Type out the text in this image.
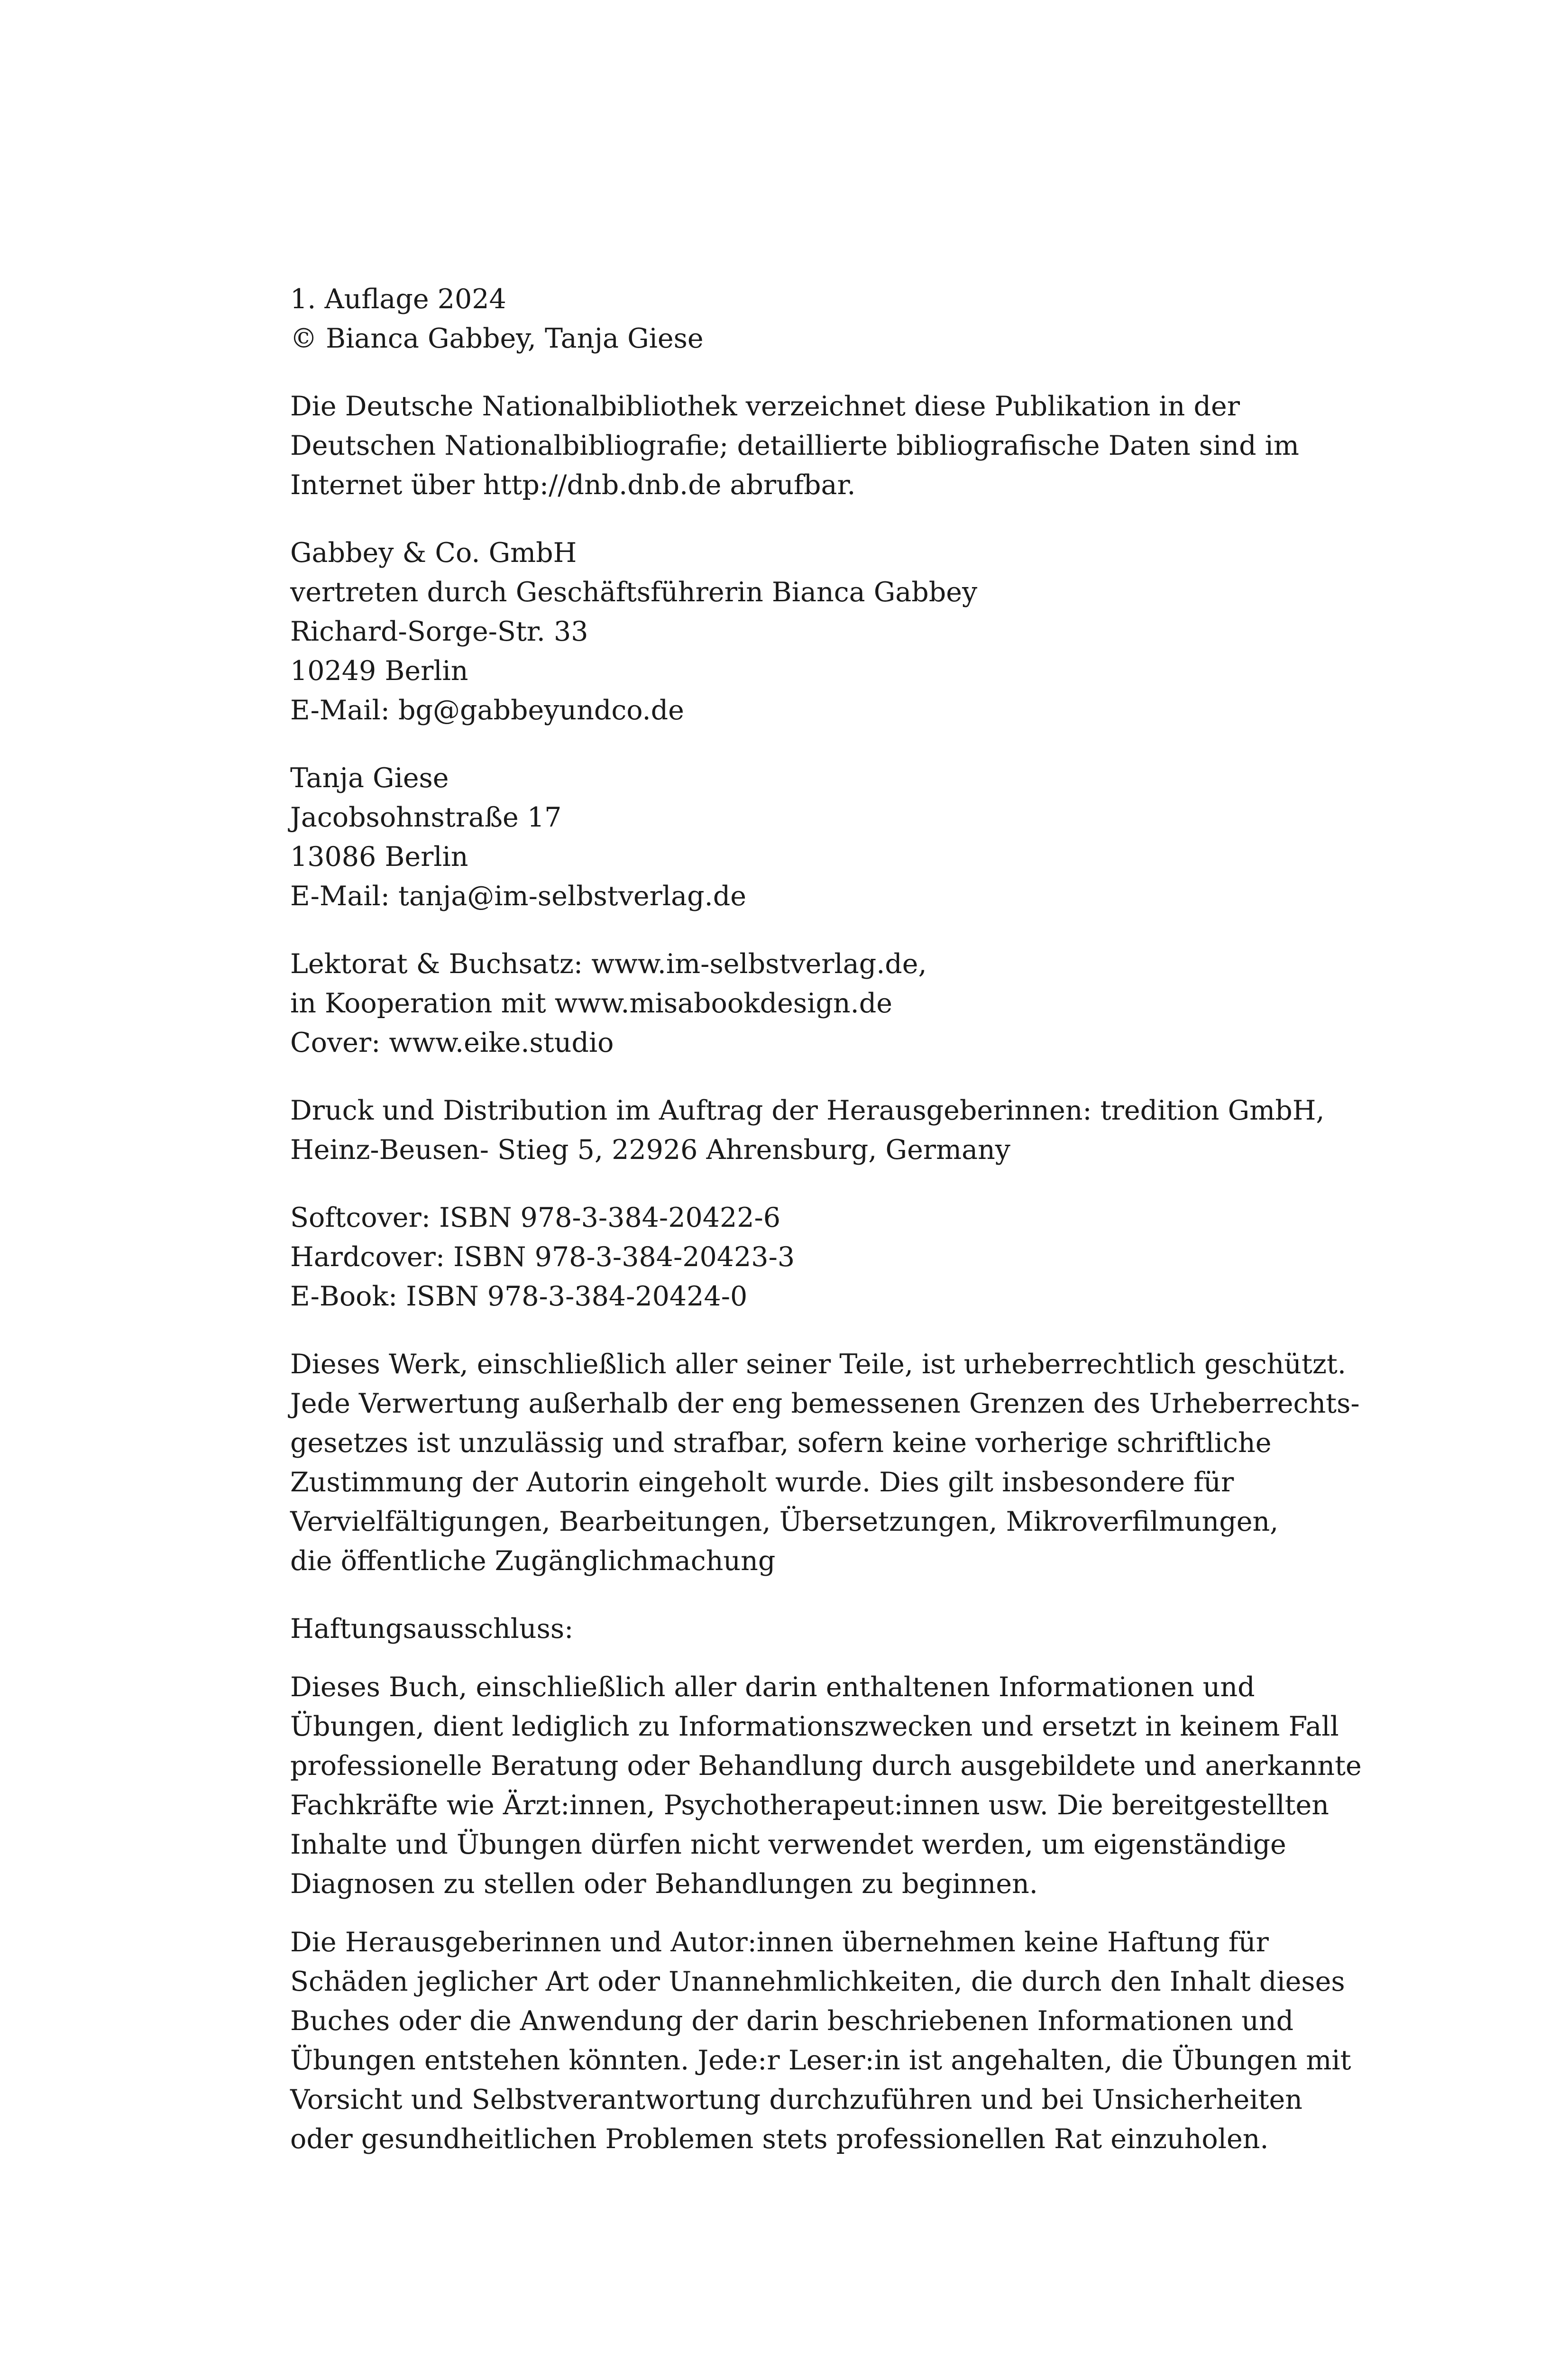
1. Auflage 2024
© Bianca Gabbey, Tanja Giese
Die Deutsche Nationalbibliothek verzeichnet diese Publikation in der
Deutschen Nationalbibliografie; detaillierte bibliografische Daten sind im
Internet über http://dnb.dnb.de abrufbar.
Gabbey & Co. GmbH
vertreten durch Geschäftsführerin Bianca Gabbey
Richard-Sorge-Str. 33
10249 Berlin
E-Mail: bg@gabbeyundco.de
Tanja Giese
Jacobsohnstraße 17
13086 Berlin
E-Mail: tanja@im-selbstverlag.de
Lektorat & Buchsatz: www.im-selbstverlag.de,
in Kooperation mit www.misabookdesign.de
Cover: www.eike.studio
Druck und Distribution im Auftrag der Herausgeberinnen: tredition GmbH,
Heinz-Beusen- Stieg 5, 22926 Ahrensburg, Germany
Softcover: ISBN 978-3-384-20422-6
Hardcover: ISBN 978-3-384-20423-3
E-Book: ISBN 978-3-384-20424-0
Dieses Werk, einschließlich aller seiner Teile, ist urheberrechtlich geschützt.
Jede Verwertung außerhalb der eng bemessenen Grenzen des Urheberrechts-
gesetzes ist unzulässig und strafbar, sofern keine vorherige schriftliche
Zustimmung der Autorin eingeholt wurde. Dies gilt insbesondere für
Vervielfältigungen, Bearbeitungen, Übersetzungen, Mikroverfilmungen,
die öffentliche Zugänglichmachung
Haftungsausschluss:
Dieses Buch, einschließlich aller darin enthaltenen Informationen und
Übungen, dient lediglich zu Informationszwecken und ersetzt in keinem Fall
professionelle Beratung oder Behandlung durch ausgebildete und anerkannte
Fachkräfte wie Ärzt:innen, Psychotherapeut:innen usw. Die bereitgestellten
Inhalte und Übungen dürfen nicht verwendet werden, um eigenständige
Diagnosen zu stellen oder Behandlungen zu beginnen.
Die Herausgeberinnen und Autor:innen übernehmen keine Haftung für
Schäden jeglicher Art oder Unannehmlichkeiten, die durch den Inhalt dieses
Buches oder die Anwendung der darin beschriebenen Informationen und
Übungen entstehen könnten. Jede:r Leser:in ist angehalten, die Übungen mit
Vorsicht und Selbstverantwortung durchzuführen und bei Unsicherheiten
oder gesundheitlichen Problemen stets professionellen Rat einzuholen.
